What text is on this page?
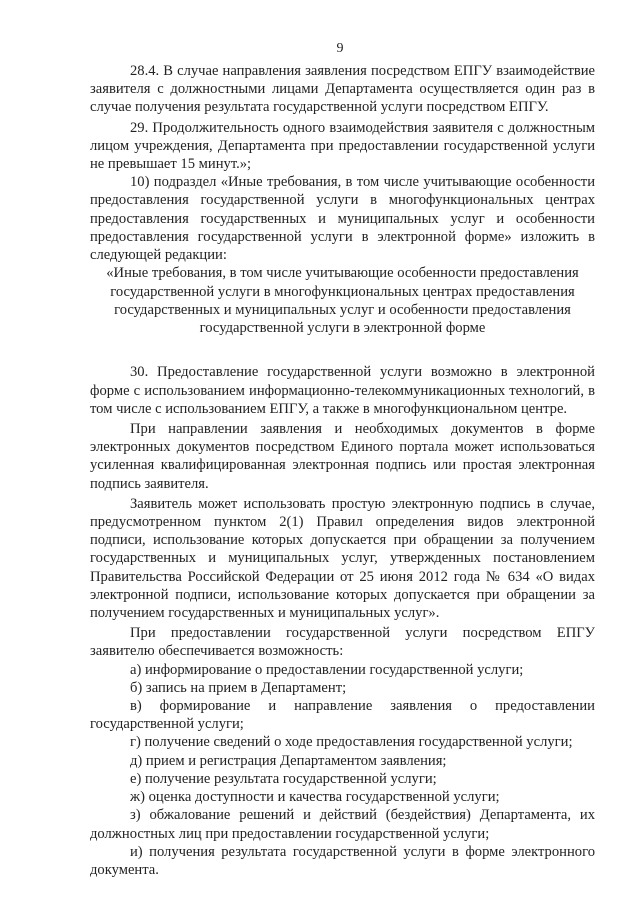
9

28.4. В случае направления заявления посредством ЕПГУ взаимодействие заявителя с должностными лицами Департамента осуществляется один раз в случае получения результата государственной услуги посредством ЕПГУ.

29. Продолжительность одного взаимодействия заявителя с должностным лицом учреждения, Департамента при предоставлении государственной услуги не превышает 15 минут.»;

10) подраздел «Иные требования, в том числе учитывающие особенности предоставления государственной услуги в многофункциональных центрах предоставления государственных и муниципальных услуг и особенности предоставления государственной услуги в электронной форме» изложить в следующей редакции:

«Иные требования, в том числе учитывающие особенности предоставления государственной услуги в многофункциональных центрах предоставления государственных и муниципальных услуг и особенности предоставления государственной услуги в электронной форме

30. Предоставление государственной услуги возможно в электронной форме с использованием информационно-телекоммуникационных технологий, в том числе с использованием ЕПГУ, а также в многофункциональном центре.

При направлении заявления и необходимых документов в форме электронных документов посредством Единого портала может использоваться усиленная квалифицированная электронная подпись или простая электронная подпись заявителя.

Заявитель может использовать простую электронную подпись в случае, предусмотренном пунктом 2(1) Правил определения видов электронной подписи, использование которых допускается при обращении за получением государственных и муниципальных услуг, утвержденных постановлением Правительства Российской Федерации от 25 июня 2012 года № 634 «О видах электронной подписи, использование которых допускается при обращении за получением государственных и муниципальных услуг».

При предоставлении государственной услуги посредством ЕПГУ заявителю обеспечивается возможность:

а) информирование о предоставлении государственной услуги;

б) запись на прием в Департамент;

в) формирование и направление заявления о предоставлении государственной услуги;

г) получение сведений о ходе предоставления государственной услуги;

д) прием и регистрация Департаментом заявления;

е) получение результата государственной услуги;

ж) оценка доступности и качества государственной услуги;

з) обжалование решений и действий (бездействия) Департамента, их должностных лиц при предоставлении государственной услуги;

и) получения результата государственной услуги в форме электронного документа.
